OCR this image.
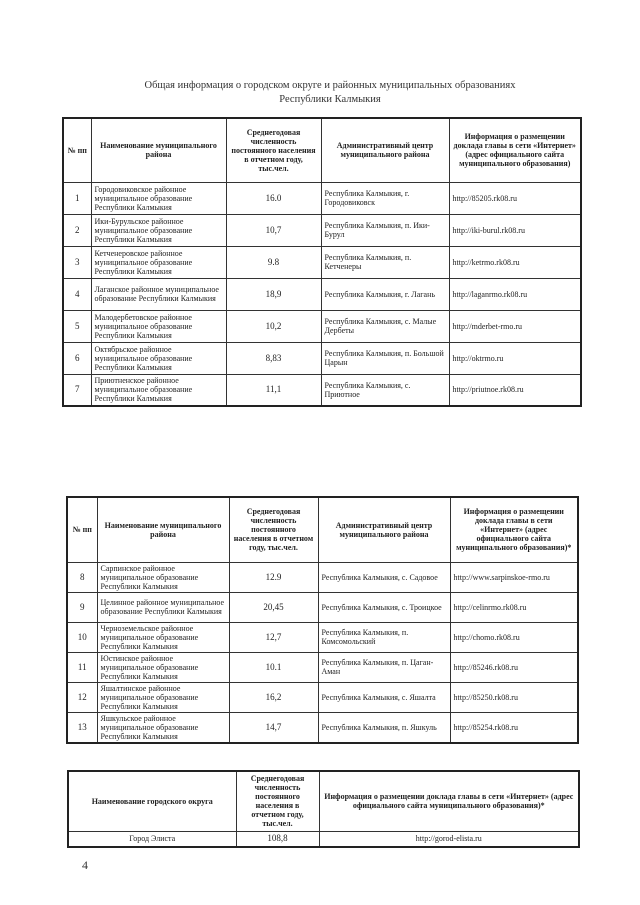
Общая информация о городском округе и районных муниципальных образованиях
Республики Калмыкия
№ пп	Наименование муниципального района	Среднегодовая численность постоянного населения в отчетном году, тыс.чел.	Административный центр муниципального района	Информация о размещении доклада главы в сети «Интернет» (адрес официального сайта муниципального образования)
1	Городовиковское районное муниципальное образование Республики Калмыкия	16.0	Республика Калмыкия, г. Городовиковск	http://85205.rk08.ru
2	Ики-Бурульское районное муниципальное образование Республики Калмыкия	10,7	Республика Калмыкия, п. Ики-Бурул	http://iki-burul.rk08.ru
3	Кетченеровское районное муниципальное образование Республики Калмыкия	9.8	Республика Калмыкия, п. Кетченеры	http://ketrmo.rk08.ru
4	Лаганское районное муниципальное образование Республики Калмыкия	18,9	Республика Калмыкия, г. Лагань	http://laganrmo.rk08.ru
5	Малодербетовское районное муниципальное образование Республики Калмыкия	10,2	Республика Калмыкия, с. Малые Дербеты	http://mderbet-rmo.ru
6	Октябрьское районное муниципальное образование Республики Калмыкия	8,83	Республика Калмыкия, п. Большой Царын	http://oktrmo.ru
7	Приютненское районное муниципальное образование Республики Калмыкия	11,1	Республика Калмыкия, с. Приютное	http://priutnoe.rk08.ru
№ пп	Наименование муниципального района	Среднегодовая численность постоянного населения в отчетном году, тыс.чел.	Административный центр муниципального района	Информация о размещении доклада главы в сети «Интернет» (адрес официального сайта муниципального образования)*
8	Сарпинское районное муниципальное образование Республики Калмыкия	12.9	Республика Калмыкия, с. Садовое	http://www.sarpinskoe-rmo.ru
9	Целинное районное муниципальное образование Республики Калмыкия	20,45	Республика Калмыкия, с. Троицкое	http://celinrmo.rk08.ru
10	Черноземельское районное муниципальное образование Республики Калмыкия	12,7	Республика Калмыкия, п. Комсомольский	http://chomo.rk08.ru
11	Юстинское районное муниципальное образование Республики Калмыкия	10.1	Республика Калмыкия, п. Цаган-Аман	http://85246.rk08.ru
12	Яшалтинское районное муниципальное образование Республики Калмыкия	16,2	Республика Калмыкия, с. Яшалта	http://85250.rk08.ru
13	Яшкульское районное муниципальное образование Республики Калмыкия	14,7	Республика Калмыкия, п. Яшкуль	http://85254.rk08.ru
Наименование городского округа	Среднегодовая численность постоянного населения в отчетном году, тыс.чел.	Информация о размещении доклада главы в сети «Интернет» (адрес официального сайта муниципального образования)*
Город Элиста	108,8	http://gorod-elista.ru
4
